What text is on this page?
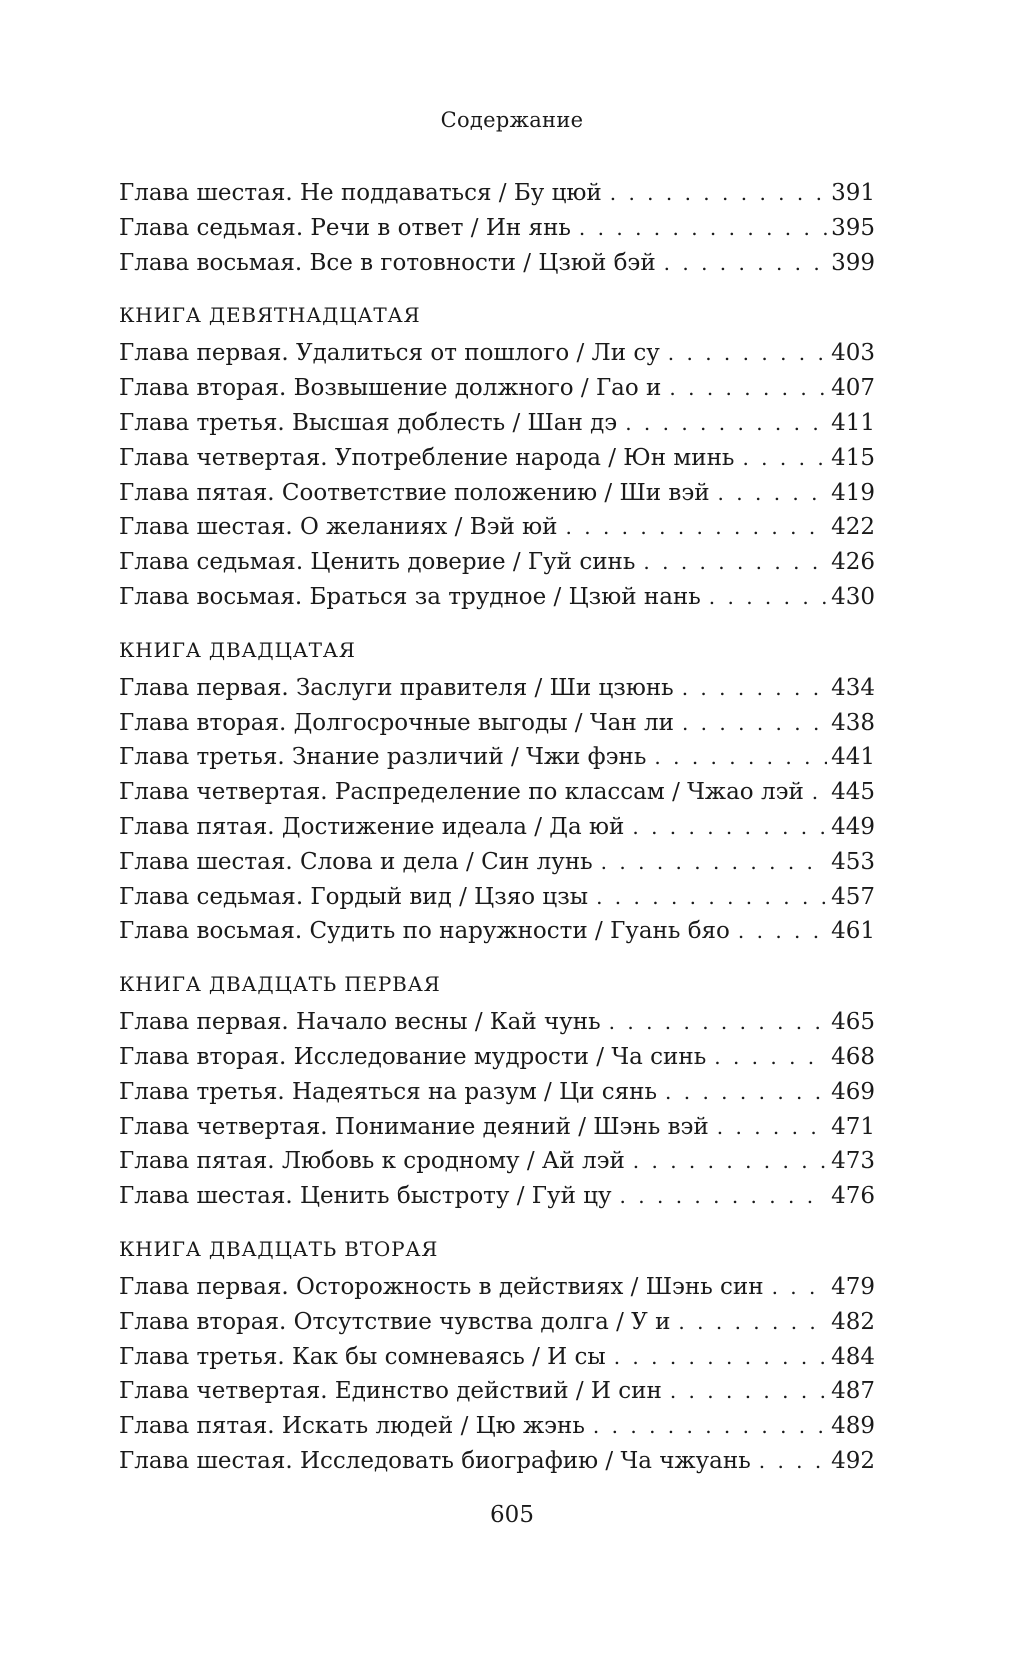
Содержание
Глава шестая. Не поддаваться / Бу цюй . . .	391
Глава седьмая. Речи в ответ / Ин янь . . .	395
Глава восьмая. Все в готовности / Цзюй бэй . . .	399
КНИГА ДЕВЯТНАДЦАТАЯ
Глава первая. Удалиться от пошлого / Ли су . . .	403
Глава вторая. Возвышение должного / Гао и . . .	407
Глава третья. Высшая доблесть / Шан дэ . . .	411
Глава четвертая. Употребление народа / Юн минь . . .	415
Глава пятая. Соответствие положению / Ши вэй . . .	419
Глава шестая. О желаниях / Вэй юй . . .	422
Глава седьмая. Ценить доверие / Гуй синь . . .	426
Глава восьмая. Браться за трудное / Цзюй нань . . .	430
КНИГА ДВАДЦАТАЯ
Глава первая. Заслуги правителя / Ши цзюнь . . .	434
Глава вторая. Долгосрочные выгоды / Чан ли . . .	438
Глава третья. Знание различий / Чжи фэнь . . .	441
Глава четвертая. Распределение по классам / Чжао лэй . . . 445
Глава пятая. Достижение идеала / Да юй . . .	449
Глава шестая. Слова и дела / Син лунь . . .	453
Глава седьмая. Гордый вид / Цзяо цзы . . .	457
Глава восьмая. Судить по наружности / Гуань бяо . . .	461
КНИГА ДВАДЦАТЬ ПЕРВАЯ
Глава первая. Начало весны / Кай чунь . . .	465
Глава вторая. Исследование мудрости / Ча синь . . .	468
Глава третья. Надеяться на разум / Ци сянь . . .	469
Глава четвертая. Понимание деяний / Шэнь вэй . . .	471
Глава пятая. Любовь к сродному / Ай лэй . . .	473
Глава шестая. Ценить быстроту / Гуй цу . . .	476
КНИГА ДВАДЦАТЬ ВТОРАЯ
Глава первая. Осторожность в действиях / Шэнь син . . .	479
Глава вторая. Отсутствие чувства долга / У и . . .	482
Глава третья. Как бы сомневаясь / И сы . . .	484
Глава четвертая. Единство действий / И син . . .	487
Глава пятая. Искать людей / Цю жэнь . . .	489
Глава шестая. Исследовать биографию / Ча чжуань . . .	492
605
